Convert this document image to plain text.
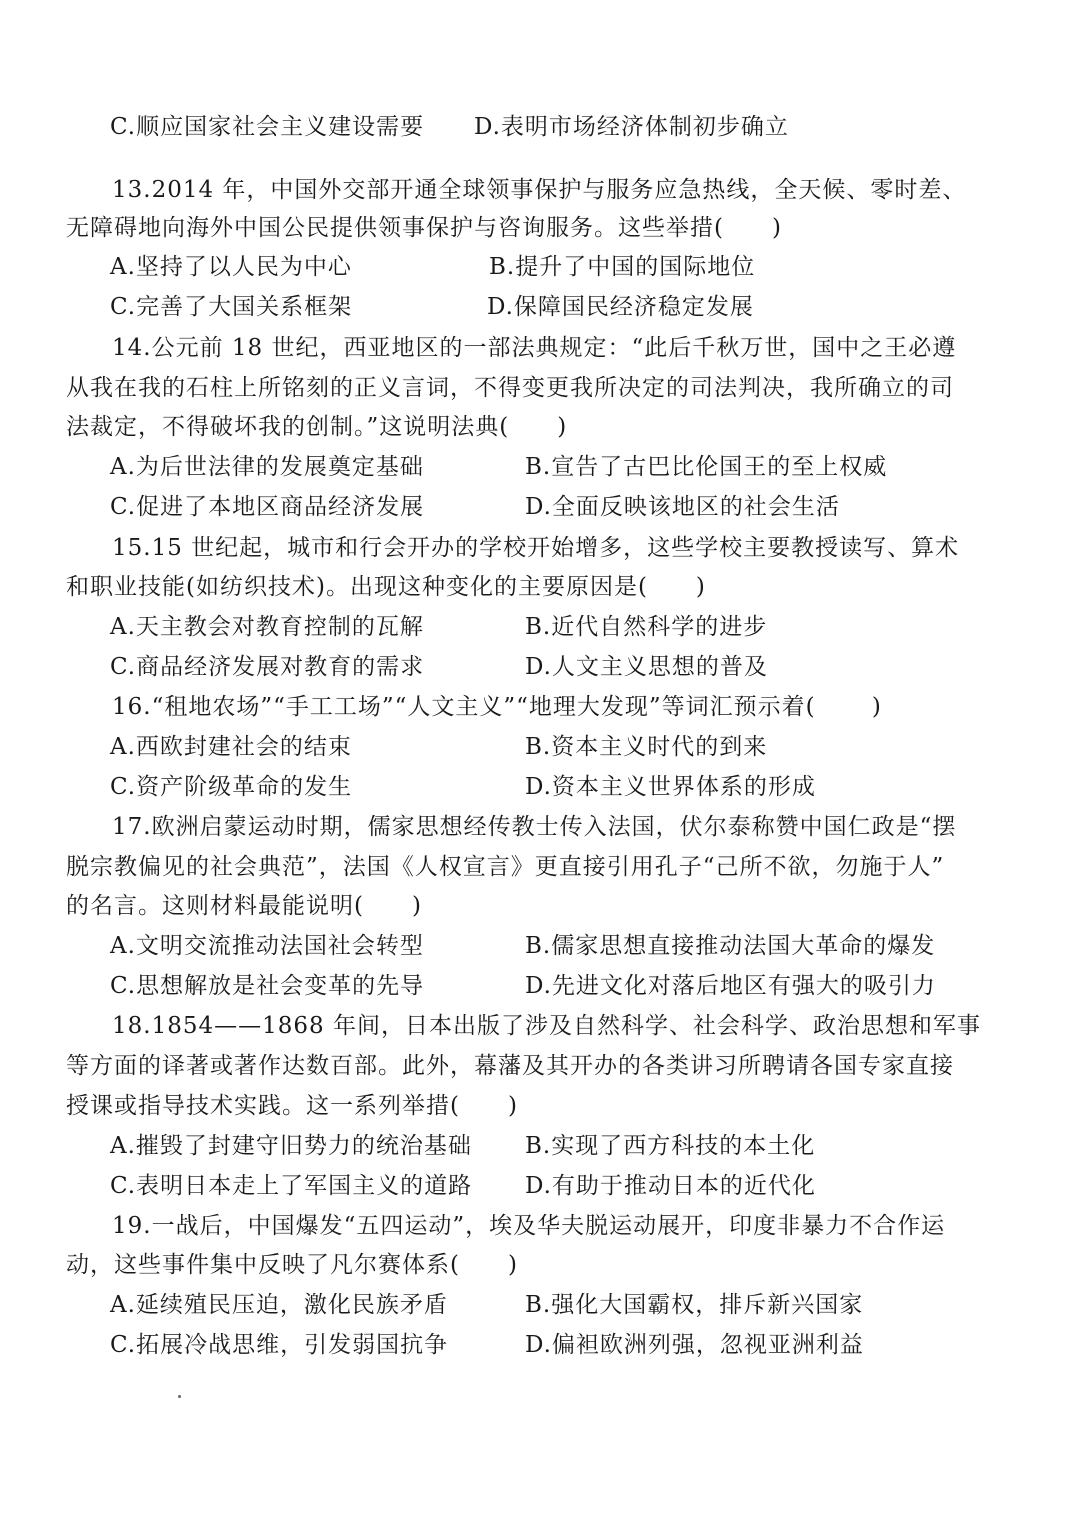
C.顺应国家社会主义建设需要 D.表明市场经济体制初步确立
13.2014 年，中国外交部开通全球领事保护与服务应急热线，全天候、零时差、
无障碍地向海外中国公民提供领事保护与咨询服务。这些举措(　　)
A.坚持了以人民为中心	B.提升了中国的国际地位
C.完善了大国关系框架	D.保障国民经济稳定发展
14.公元前 18 世纪，西亚地区的一部法典规定：“此后千秋万世，国中之王必遵
从我在我的石柱上所铭刻的正义言词，不得变更我所决定的司法判决，我所确立的司
法裁定，不得破坏我的创制。”这说明法典(　　)
A.为后世法律的发展奠定基础	B.宣告了古巴比伦国王的至上权威
C.促进了本地区商品经济发展	D.全面反映该地区的社会生活
15.15 世纪起，城市和行会开办的学校开始增多，这些学校主要教授读写、算术
和职业技能(如纺织技术)。出现这种变化的主要原因是(　　)
A.天主教会对教育控制的瓦解	B.近代自然科学的进步
C.商品经济发展对教育的需求	D.人文主义思想的普及
16.“租地农场”“手工工场”“人文主义”“地理大发现”等词汇预示着(　　 )
A.西欧封建社会的结束	B.资本主义时代的到来
C.资产阶级革命的发生	D.资本主义世界体系的形成
17.欧洲启蒙运动时期，儒家思想经传教士传入法国，伏尔泰称赞中国仁政是“摆
脱宗教偏见的社会典范”，法国《人权宣言》更直接引用孔子“己所不欲，勿施于人”
的名言。这则材料最能说明(　　)
A.文明交流推动法国社会转型	B.儒家思想直接推动法国大革命的爆发
C.思想解放是社会变革的先导	D.先进文化对落后地区有强大的吸引力
18.1854——1868 年间，日本出版了涉及自然科学、社会科学、政治思想和军事
等方面的译著或著作达数百部。此外，幕藩及其开办的各类讲习所聘请各国专家直接
授课或指导技术实践。这一系列举措(　　)
A.摧毁了封建守旧势力的统治基础 B.实现了西方科技的本土化
C.表明日本走上了军国主义的道路 D.有助于推动日本的近代化
19.一战后，中国爆发“五四运动”，埃及华夫脱运动展开，印度非暴力不合作运
动，这些事件集中反映了凡尔赛体系(　　)
A.延续殖民压迫，激化民族矛盾	B.强化大国霸权，排斥新兴国家
C.拓展冷战思维，引发弱国抗争	D.偏袒欧洲列强，忽视亚洲利益
